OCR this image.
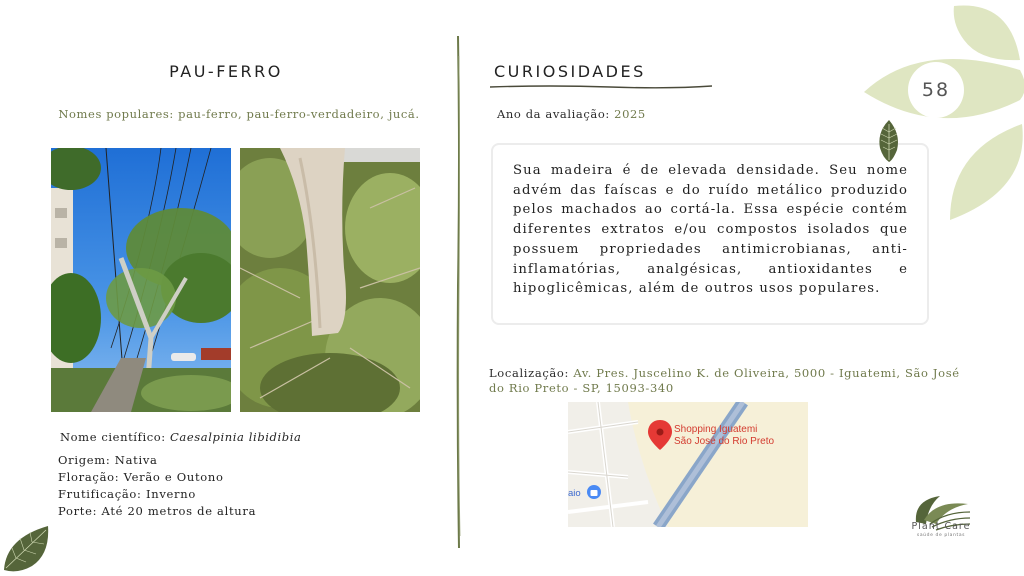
PAU-FERRO
Nomes populares: pau-ferro, pau-ferro-verdadeiro, jucá.
Nome científico: Caesalpinia libidibia
Origem: Nativa
Floração: Verão e Outono
Frutificação: Inverno
Porte: Até 20 metros de altura
CURIOSIDADES
Ano da avaliação: 2025
Sua madeira é de elevada densidade. Seu nome advém das faíscas e do ruído metálico produzido pelos machados ao cortá-la. Essa espécie contém diferentes extratos e/ou compostos isolados que possuem propriedades antimicrobianas, anti-inflamatórias, analgésicas, antioxidantes e hipoglicêmicas, além de outros usos populares.
Localização: Av. Pres. Juscelino K. de Oliveira, 5000 - Iguatemi, São José do Rio Preto - SP, 15093-340
Shopping Iguatemi
São José do Rio Preto
aio
58
Plant Care
saúde de plantas
